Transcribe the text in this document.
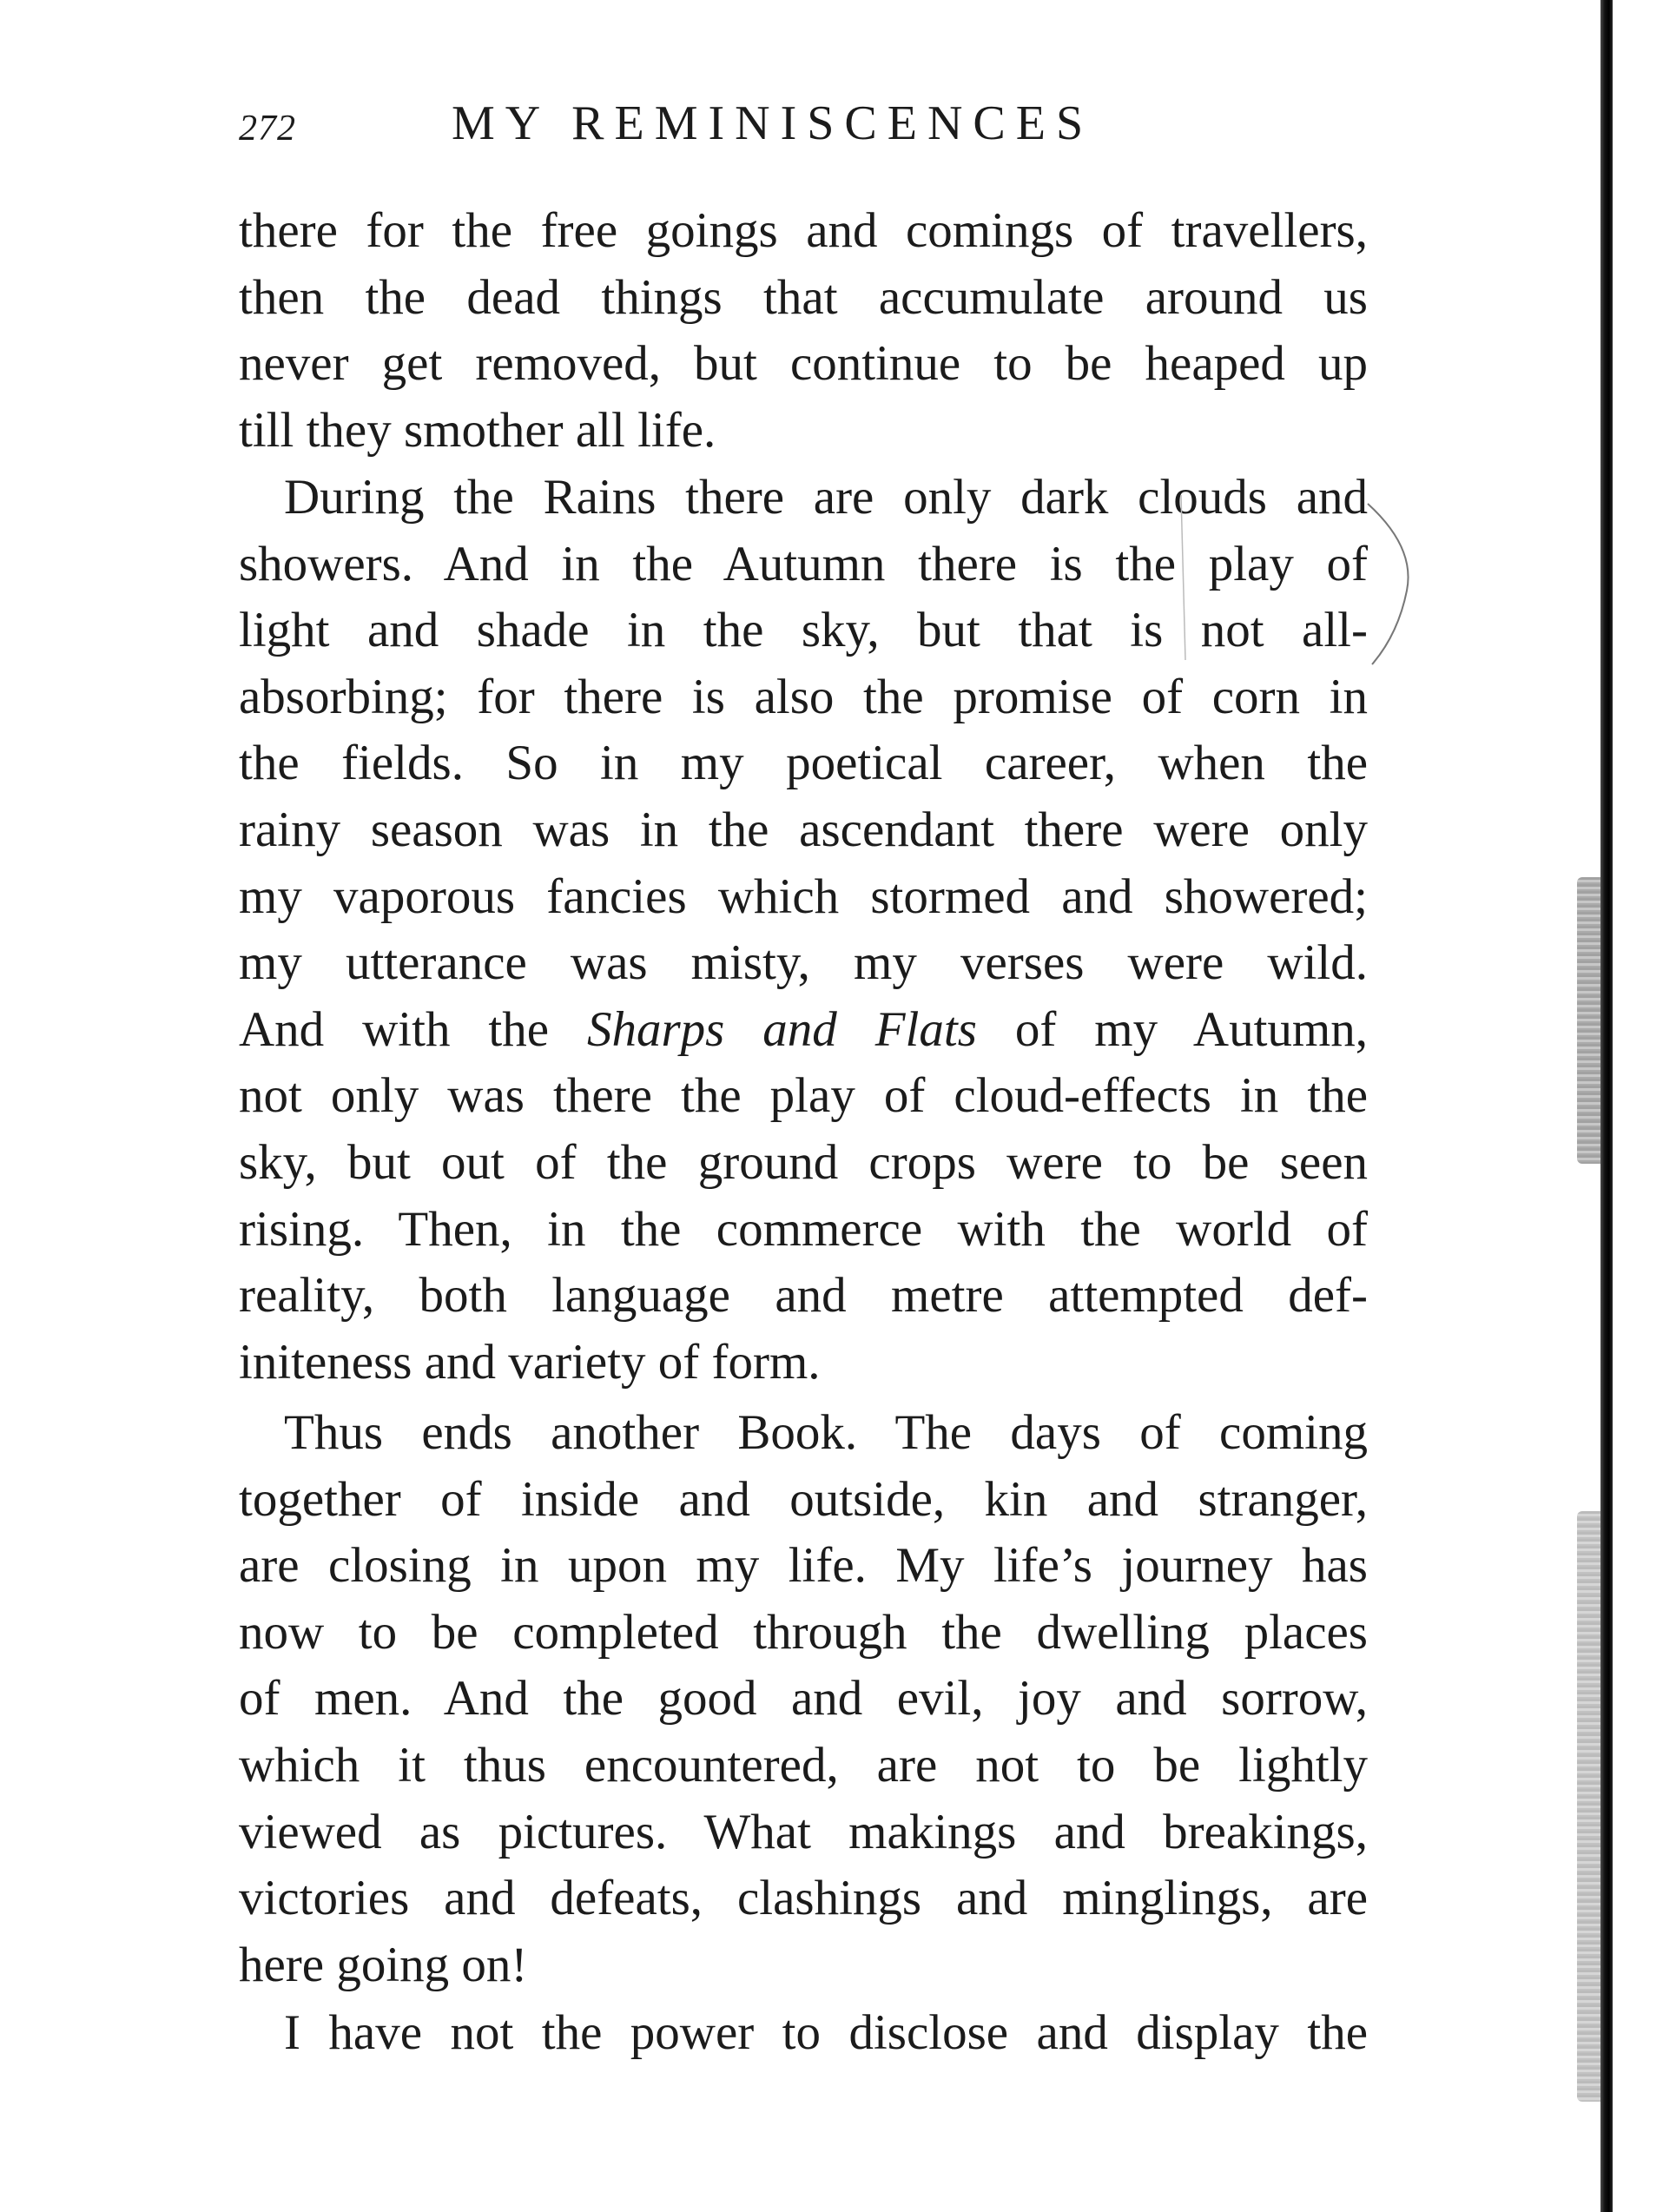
272	MY REMINISCENCES
there for the free goings and comings of travellers,
then the dead things that accumulate around us
never get removed, but continue to be heaped up
till they smother all life.
During the Rains there are only dark clouds and
showers. And in the Autumn there is the play of
light and shade in the sky, but that is not all-
absorbing; for there is also the promise of corn in
the fields. So in my poetical career, when the
rainy season was in the ascendant there were only
my vaporous fancies which stormed and showered;
my utterance was misty, my verses were wild.
And with the Sharps and Flats of my Autumn,
not only was there the play of cloud-effects in the
sky, but out of the ground crops were to be seen
rising. Then, in the commerce with the world of
reality, both language and metre attempted def-
initeness and variety of form.
Thus ends another Book. The days of coming
together of inside and outside, kin and stranger,
are closing in upon my life. My life’s journey has
now to be completed through the dwelling places
of men. And the good and evil, joy and sorrow,
which it thus encountered, are not to be lightly
viewed as pictures. What makings and breakings,
victories and defeats, clashings and minglings, are
here going on!
I have not the power to disclose and display the
